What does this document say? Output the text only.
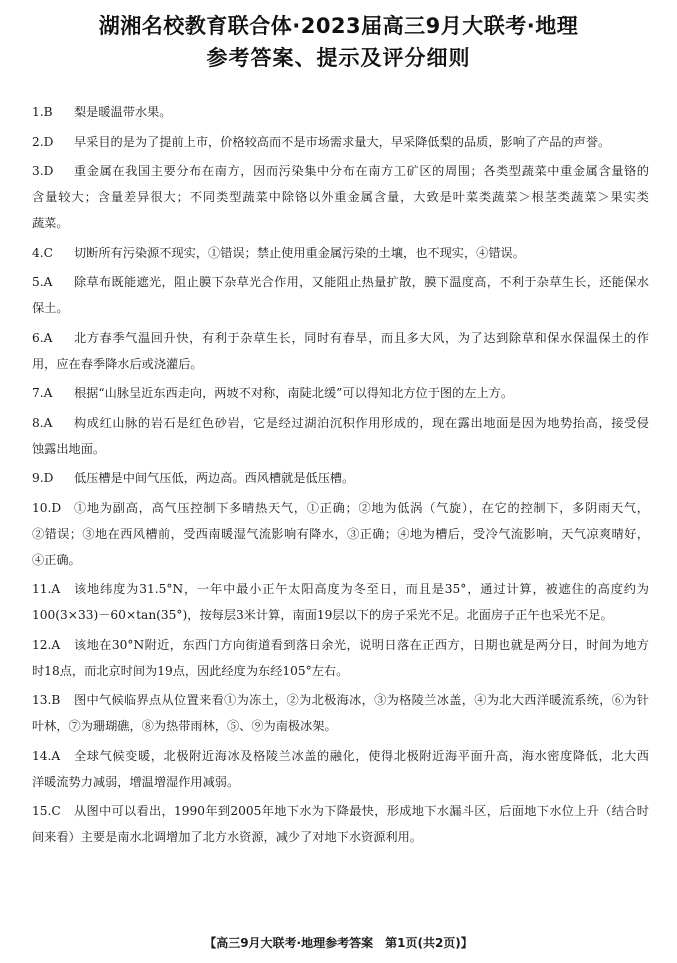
湖湘名校教育联合体·2023届高三9月大联考·地理
参考答案、提示及评分细则
1.B	梨是暖温带水果。
2.D	早采目的是为了提前上市，价格较高而不是市场需求量大，早采降低梨的品质，影响了产品的声誉。
3.D	重金属在我国主要分布在南方，因而污染集中分布在南方工矿区的周围；各类型蔬菜中重金属含量铬的
含量较大；含量差异很大；不同类型蔬菜中除铬以外重金属含量，大致是叶菜类蔬菜＞根茎类蔬菜＞果实类
蔬菜。
4.C	切断所有污染源不现实，①错误；禁止使用重金属污染的土壤，也不现实，④错误。
5.A	除草布既能遮光，阻止膜下杂草光合作用，又能阻止热量扩散，膜下温度高，不利于杂草生长，还能保水
保土。
6.A	北方春季气温回升快，有利于杂草生长，同时有春旱，而且多大风，为了达到除草和保水保温保土的作
用，应在春季降水后或浇灌后。
7.A	根据“山脉呈近东西走向，两坡不对称，南陡北缓”可以得知北方位于图的左上方。
8.A	构成红山脉的岩石是红色砂岩，它是经过湖泊沉积作用形成的，现在露出地面是因为地势抬高，接受侵
蚀露出地面。
9.D	低压槽是中间气压低，两边高。西风槽就是低压槽。
10.D	①地为副高，高气压控制下多晴热天气，①正确；②地为低涡（气旋），在它的控制下，多阴雨天气，
②错误；③地在西风槽前，受西南暖湿气流影响有降水，③正确；④地为槽后，受冷气流影响，天气凉爽晴好，
④正确。
11.A	该地纬度为31.5°N，一年中最小正午太阳高度为冬至日，而且是35°，通过计算，被遮住的高度约为
100(3×33)－60×tan(35°)，按每层3米计算，南面19层以下的房子采光不足。北面房子正午也采光不足。
12.A	该地在30°N附近，东西门方向街道看到落日余光，说明日落在正西方，日期也就是两分日，时间为地方
时18点，而北京时间为19点，因此经度为东经105°左右。
13.B	图中气候临界点从位置来看①为冻土，②为北极海冰，③为格陵兰冰盖，④为北大西洋暖流系统，⑥为针
叶林，⑦为珊瑚礁，⑧为热带雨林，⑤、⑨为南极冰架。
14.A	全球气候变暖，北极附近海冰及格陵兰冰盖的融化，使得北极附近海平面升高，海水密度降低，北大西
洋暖流势力减弱，增温增湿作用减弱。
15.C	从图中可以看出，1990年到2005年地下水为下降最快，形成地下水漏斗区，后面地下水位上升（结合时
间来看）主要是南水北调增加了北方水资源，减少了对地下水资源利用。
【高三9月大联考·地理参考答案　第1页(共2页)】
